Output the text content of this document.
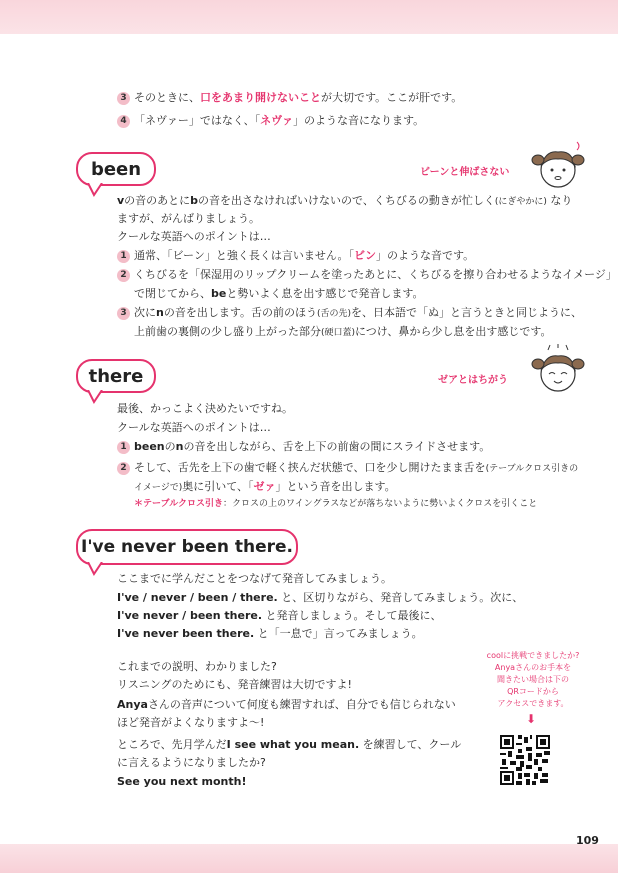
3 そのときに、口をあまり開けないことが大切です。ここが肝です。
4 「ネヴァー」ではなく、「ネヴァ」のような音になります。
been	ビーンと伸ばさない
vの音のあとにbの音を出さなければいけないので、くちびるの動きが忙しく(にぎやかに) なり
ますが、がんばりましょう。
クールな英語へのポイントは…
1 通常、「ビーン」と強く長くは言いません。「ビン」のような音です。
2 くちびるを「保湿用のリップクリームを塗ったあとに、くちびるを擦り合わせるようなイメージ」
で閉じてから、beと勢いよく息を出す感じで発音します。
3 次にnの音を出します。舌の前のほう(舌の先)を、日本語で「ぬ」と言うときと同じように、
上前歯の裏側の少し盛り上がった部分(硬口蓋)につけ、鼻から少し息を出す感じです。
there	ゼアとはちがう
最後、かっこよく決めたいですね。
クールな英語へのポイントは…
1 beenのnの音を出しながら、舌を上下の前歯の間にスライドさせます。
2 そして、舌先を上下の歯で軽く挟んだ状態で、口を少し開けたまま舌を(テーブルクロス引きの
イメージで)奥に引いて、「ゼァ」という音を出します。
＊テーブルクロス引き：クロスの上のワイングラスなどが落ちないように勢いよくクロスを引くこと
I've never been there.
ここまでに学んだことをつなげて発音してみましょう。
I've / never / been / there. と、区切りながら、発音してみましょう。次に、
I've never / been there. と発音しましょう。そして最後に、
I've never been there. と「一息で」言ってみましょう。
これまでの説明、わかりました?
リスニングのためにも、発音練習は大切ですよ!
Anyaさんの音声について何度も練習すれば、自分でも信じられない
ほど発音がよくなりますよ～!
ところで、先月学んだI see what you mean. を練習して、クール
に言えるようになりましたか?
See you next month!
coolに挑戦できましたか?
Anyaさんのお手本を
聞きたい場合は下の
QRコードから
アクセスできます。
⬇
109
